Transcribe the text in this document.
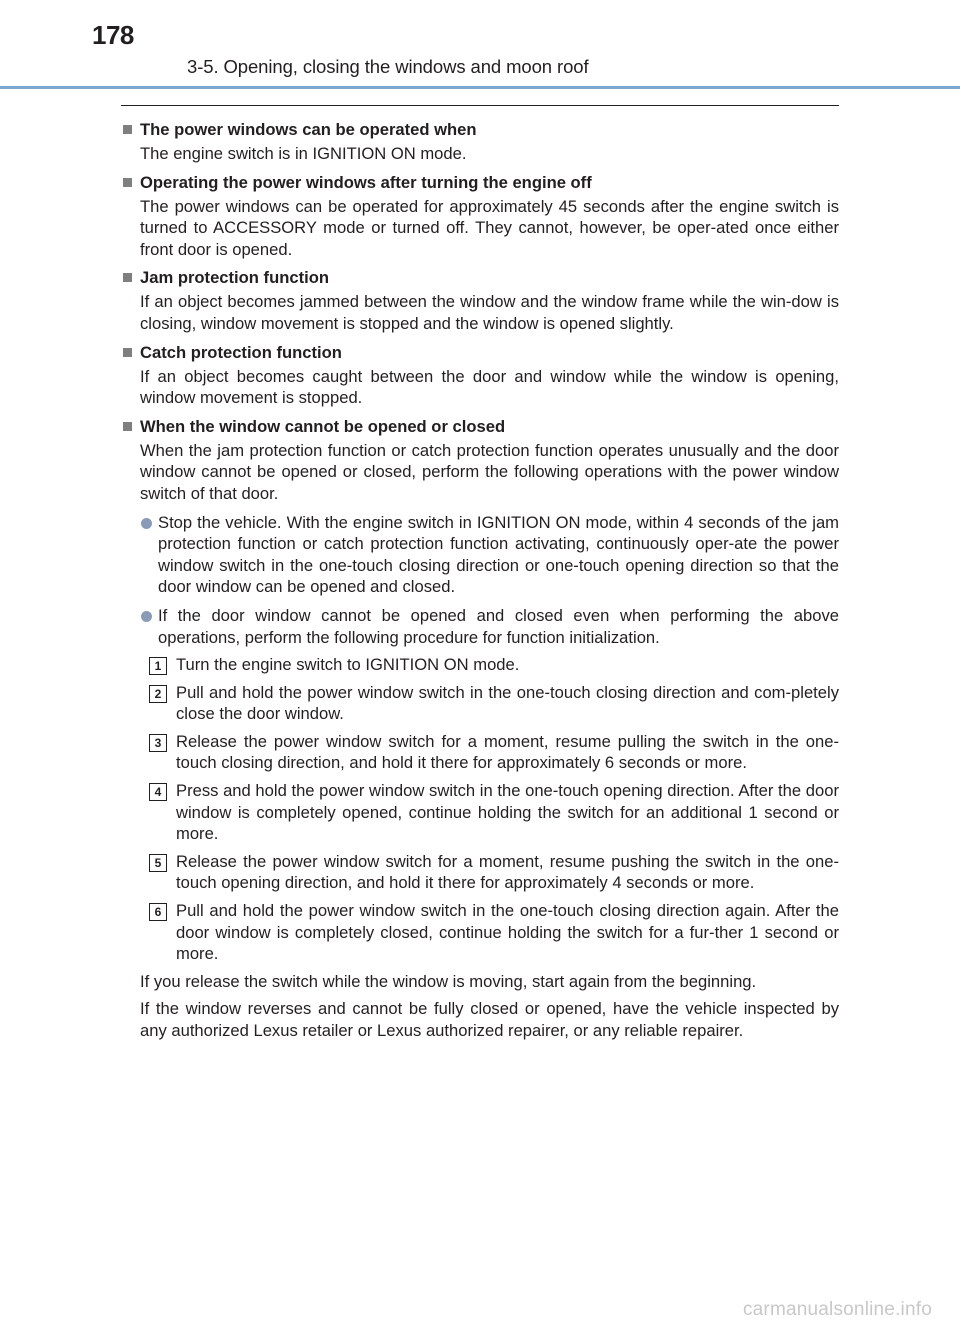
178
3-5. Opening, closing the windows and moon roof
The power windows can be operated when
The engine switch is in IGNITION ON mode.
Operating the power windows after turning the engine off
The power windows can be operated for approximately 45 seconds after the engine switch is turned to ACCESSORY mode or turned off. They cannot, however, be oper-ated once either front door is opened.
Jam protection function
If an object becomes jammed between the window and the window frame while the win-dow is closing, window movement is stopped and the window is opened slightly.
Catch protection function
If an object becomes caught between the door and window while the window is opening, window movement is stopped.
When the window cannot be opened or closed
When the jam protection function or catch protection function operates unusually and the door window cannot be opened or closed, perform the following operations with the power window switch of that door.
Stop the vehicle. With the engine switch in IGNITION ON mode, within 4 seconds of the jam protection function or catch protection function activating, continuously oper-ate the power window switch in the one-touch closing direction or one-touch opening direction so that the door window can be opened and closed.
If the door window cannot be opened and closed even when performing the above operations, perform the following procedure for function initialization.
1 Turn the engine switch to IGNITION ON mode.
2 Pull and hold the power window switch in the one-touch closing direction and com-pletely close the door window.
3 Release the power window switch for a moment, resume pulling the switch in the one-touch closing direction, and hold it there for approximately 6 seconds or more.
4 Press and hold the power window switch in the one-touch opening direction. After the door window is completely opened, continue holding the switch for an additional 1 second or more.
5 Release the power window switch for a moment, resume pushing the switch in the one-touch opening direction, and hold it there for approximately 4 seconds or more.
6 Pull and hold the power window switch in the one-touch closing direction again. After the door window is completely closed, continue holding the switch for a fur-ther 1 second or more.
If you release the switch while the window is moving, start again from the beginning.
If the window reverses and cannot be fully closed or opened, have the vehicle inspected by any authorized Lexus retailer or Lexus authorized repairer, or any reliable repairer.
carmanualsonline.info
